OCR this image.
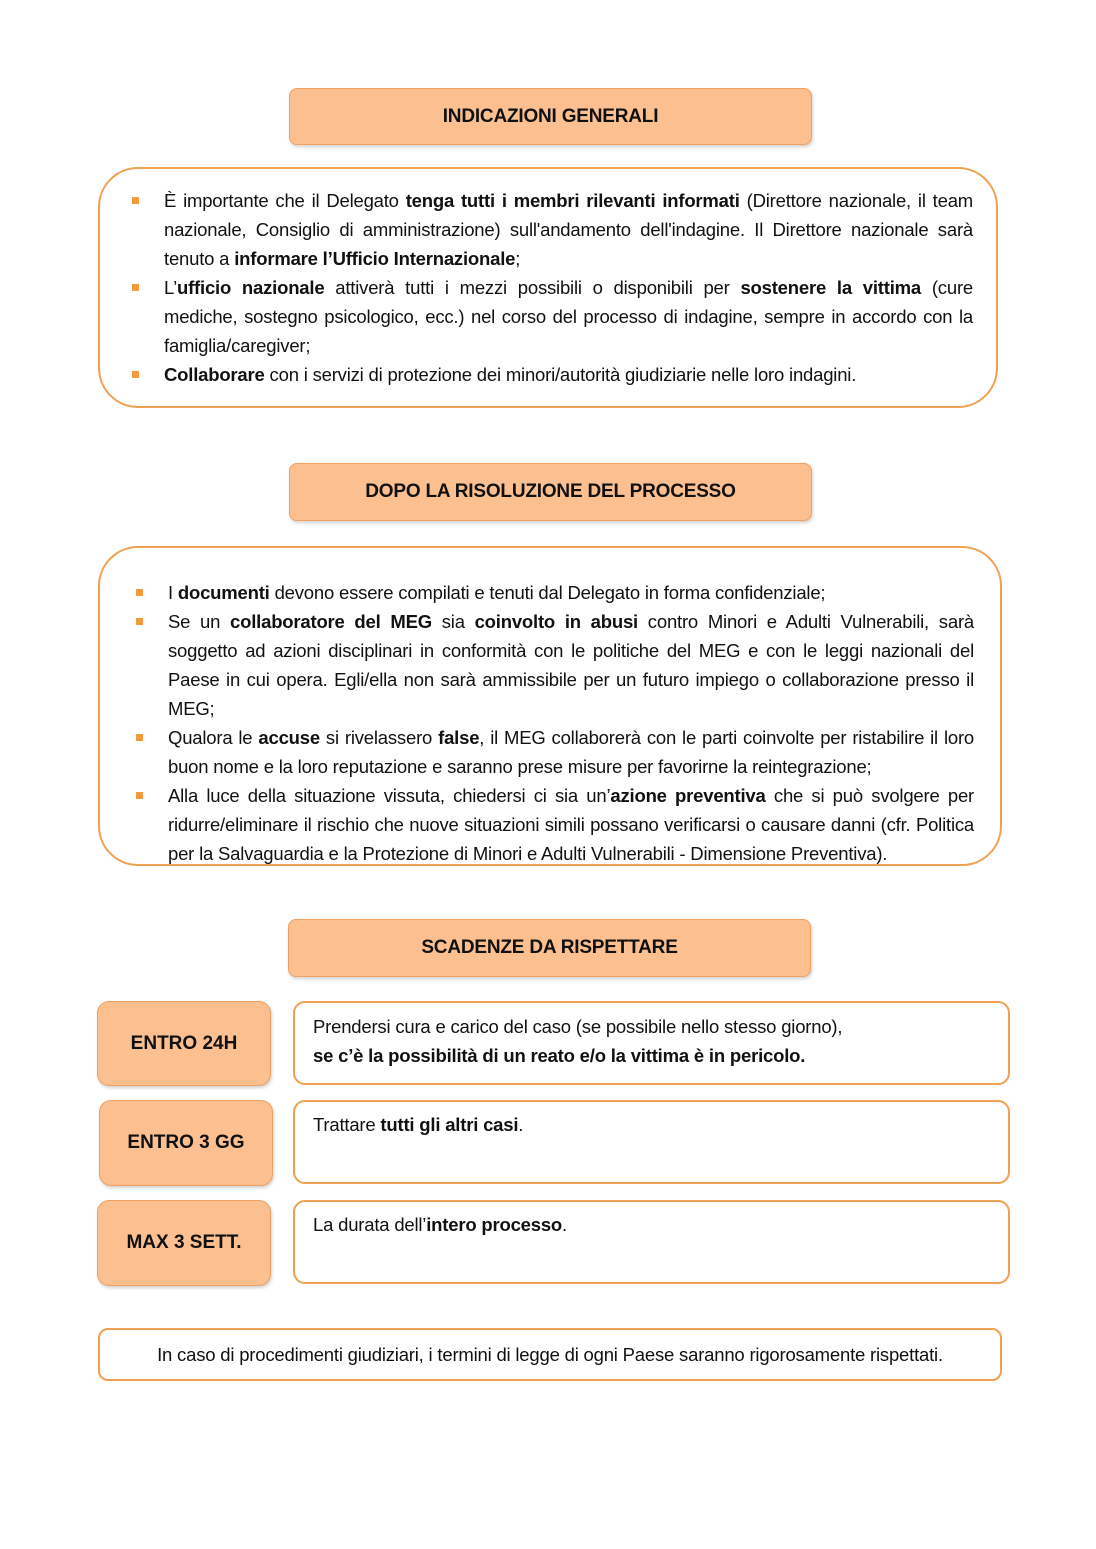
INDICAZIONI GENERALI
È importante che il Delegato tenga tutti i membri rilevanti informati (Direttore nazionale, il team nazionale, Consiglio di amministrazione) sull'andamento dell'indagine. Il Direttore nazionale sarà tenuto a informare l’Ufficio Internazionale;
L’ufficio nazionale attiverà tutti i mezzi possibili o disponibili per sostenere la vittima (cure mediche, sostegno psicologico, ecc.) nel corso del processo di indagine, sempre in accordo con la famiglia/caregiver;
Collaborare con i servizi di protezione dei minori/autorità giudiziarie nelle loro indagini.
DOPO LA RISOLUZIONE DEL PROCESSO
I documenti devono essere compilati e tenuti dal Delegato in forma confidenziale;
Se un collaboratore del MEG sia coinvolto in abusi contro Minori e Adulti Vulnerabili, sarà soggetto ad azioni disciplinari in conformità con le politiche del MEG e con le leggi nazionali del Paese in cui opera. Egli/ella non sarà ammissibile per un futuro impiego o collaborazione presso il MEG;
Qualora le accuse si rivelassero false, il MEG collaborerà con le parti coinvolte per ristabilire il loro buon nome e la loro reputazione e saranno prese misure per favorirne la reintegrazione;
Alla luce della situazione vissuta, chiedersi ci sia un’azione preventiva che si può svolgere per ridurre/eliminare il rischio che nuove situazioni simili possano verificarsi o causare danni (cfr. Politica per la Salvaguardia e la Protezione di Minori e Adulti Vulnerabili - Dimensione Preventiva).
SCADENZE DA RISPETTARE
ENTRO 24H
Prendersi cura e carico del caso (se possibile nello stesso giorno),
se c’è la possibilità di un reato e/o la vittima è in pericolo.
ENTRO 3 GG
Trattare tutti gli altri casi.
MAX 3 SETT.
La durata dell’intero processo.
In caso di procedimenti giudiziari, i termini di legge di ogni Paese saranno rigorosamente rispettati.
